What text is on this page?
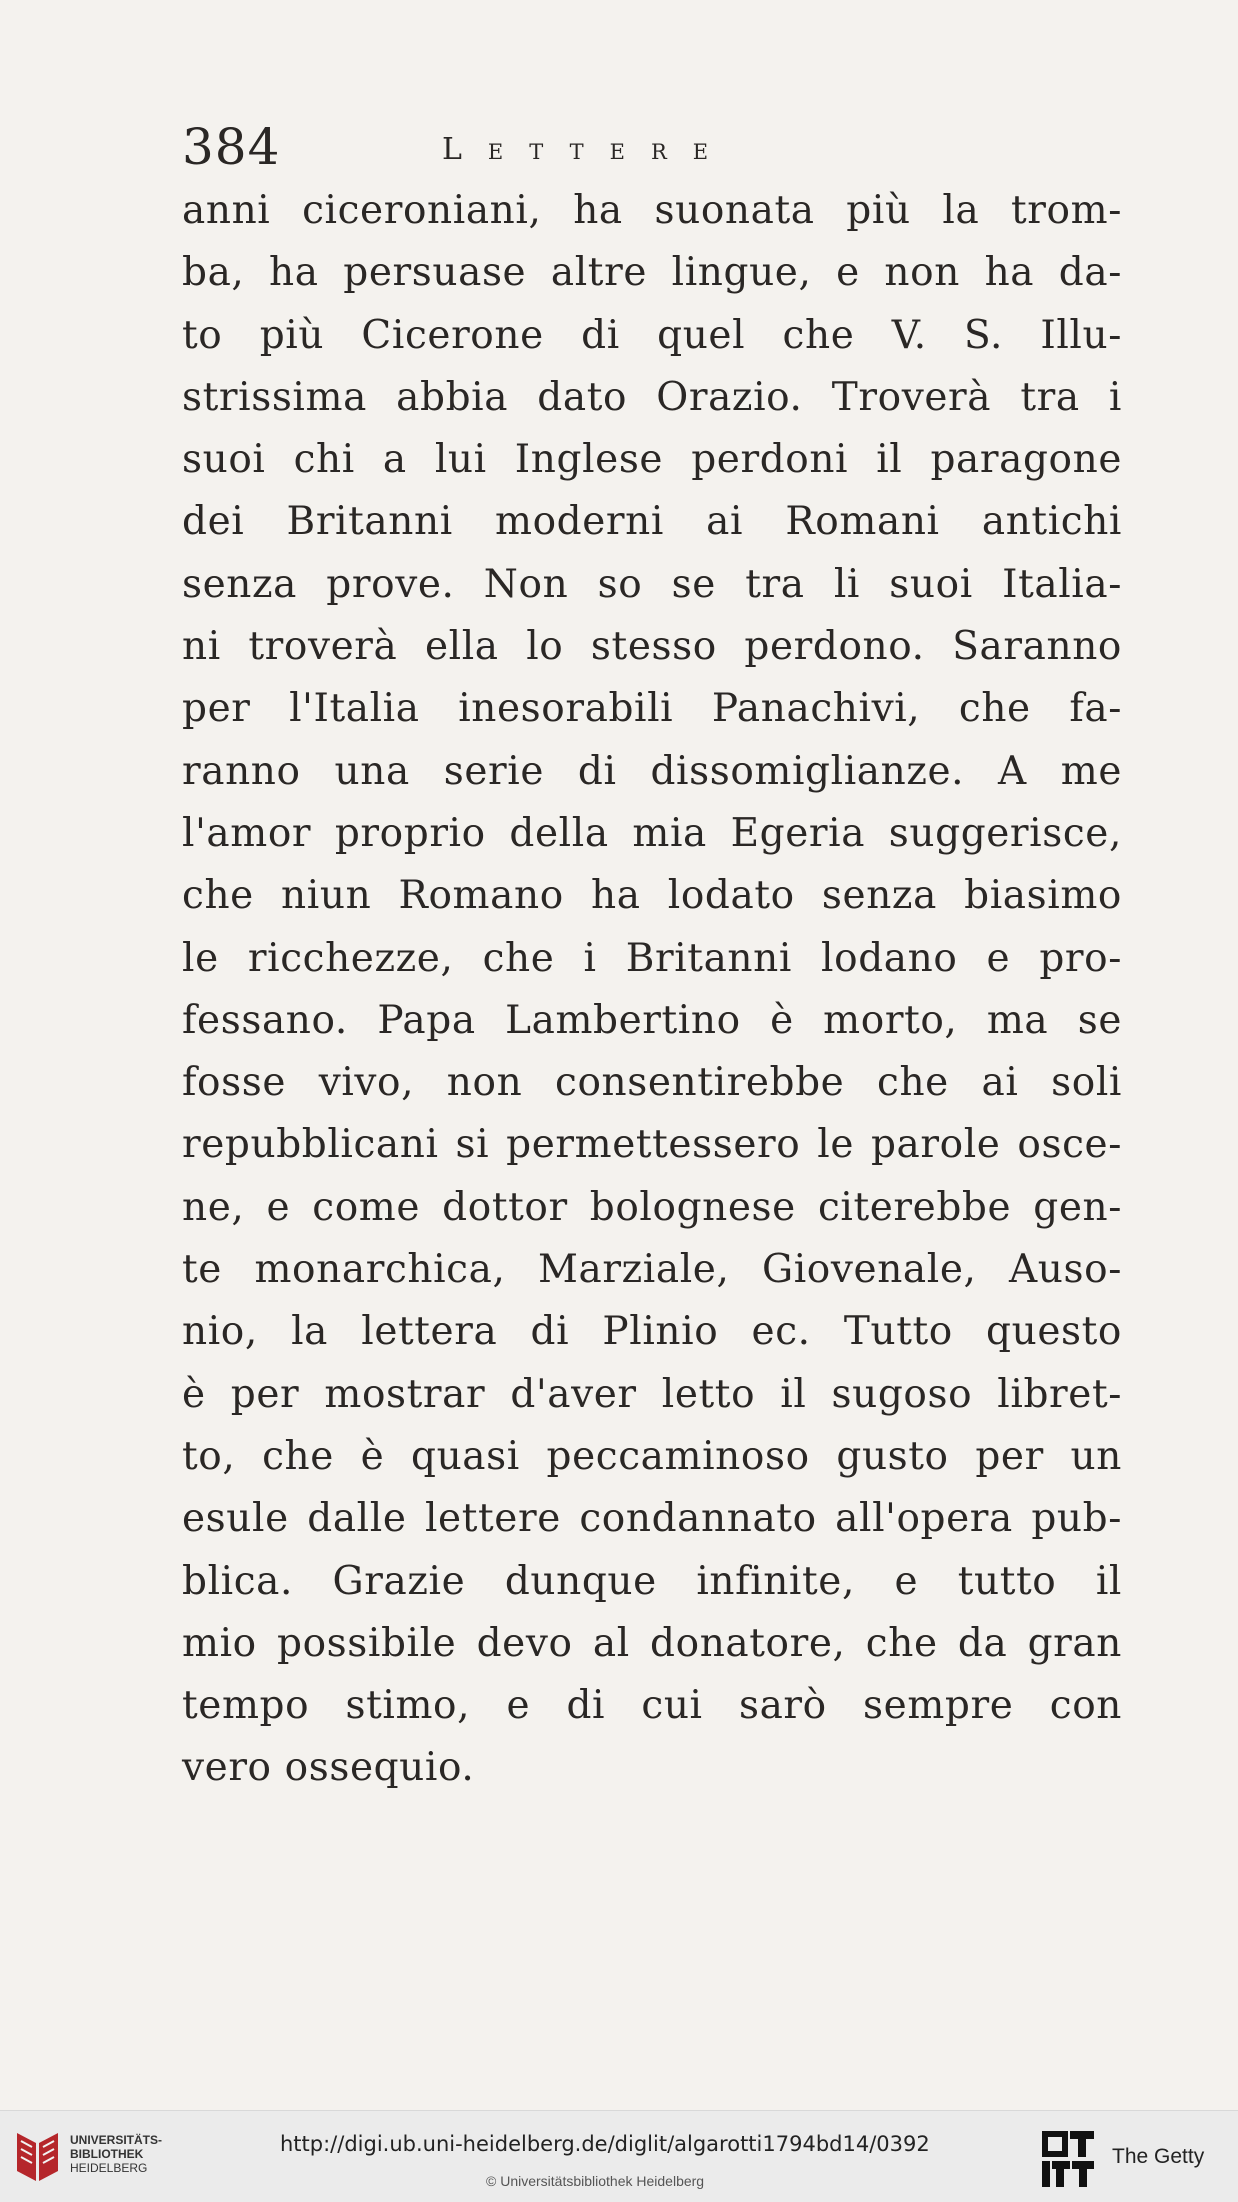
384	Lettere
anni ciceroniani, ha suonata più la trom-
ba, ha persuase altre lingue, e non ha da-
to più Cicerone di quel che V. S. Illu-
strissima abbia dato Orazio. Troverà tra i
suoi chi a lui Inglese perdoni il paragone
dei Britanni moderni ai Romani antichi
senza prove. Non so se tra li suoi Italia-
ni troverà ella lo stesso perdono. Saranno
per l'Italia inesorabili Panachivi, che fa-
ranno una serie di dissomiglianze. A me
l'amor proprio della mia Egeria suggerisce,
che niun Romano ha lodato senza biasimo
le ricchezze, che i Britanni lodano e pro-
fessano. Papa Lambertino è morto, ma se
fosse vivo, non consentirebbe che ai soli
repubblicani si permettessero le parole osce-
ne, e come dottor bolognese citerebbe gen-
te monarchica, Marziale, Giovenale, Auso-
nio, la lettera di Plinio ec. Tutto questo
è per mostrar d'aver letto il sugoso libret-
to, che è quasi peccaminoso gusto per un
esule dalle lettere condannato all'opera pub-
blica. Grazie dunque infinite, e tutto il
mio possibile devo al donatore, che da gran
tempo stimo, e di cui sarò sempre con
vero ossequio.
UNIVERSITÄTS-
BIBLIOTHEK
HEIDELBERG
http://digi.ub.uni-heidelberg.de/diglit/algarotti1794bd14/0392
© Universitätsbibliothek Heidelberg
The Getty
